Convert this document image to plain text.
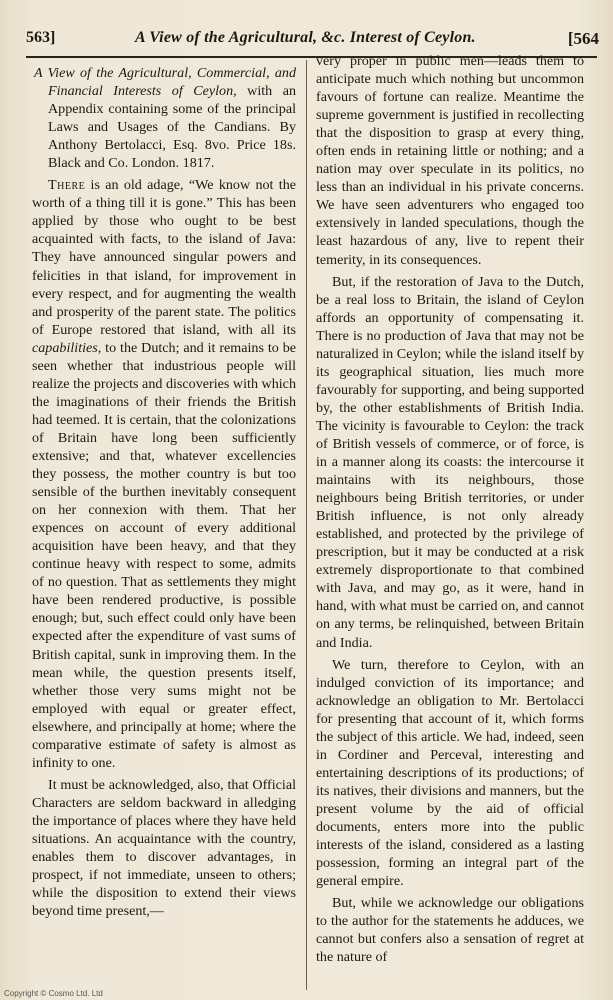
563]	A View of the Agricultural, &c. Interest of Ceylon.	[564

A View of the Agricultural, Commercial, and Financial Interests of Ceylon, with an Appendix containing some of the principal Laws and Usages of the Candians. By Anthony Bertolacci, Esq. 8vo. Price 18s. Black and Co. London. 1817.

There is an old adage, “We know not the worth of a thing till it is gone.” This has been applied by those who ought to be best acquainted with facts, to the island of Java: They have announced singular powers and felicities in that island, for improvement in every respect, and for augmenting the wealth and prosperity of the parent state. The politics of Europe restored that island, with all its capabilities, to the Dutch; and it remains to be seen whether that industrious people will realize the projects and discoveries with which the imaginations of their friends the British had teemed. It is certain, that the colonizations of Britain have long been sufficiently extensive; and that, whatever excellencies they possess, the mother country is but too sensible of the burthen inevitably consequent on her connexion with them. That her expences on account of every additional acquisition have been heavy, and that they continue heavy with respect to some, admits of no question. That as settlements they might have been rendered productive, is possible enough; but, such effect could only have been expected after the expenditure of vast sums of British capital, sunk in improving them. In the mean while, the question presents itself, whether those very sums might not be employed with equal or greater effect, elsewhere, and principally at home; where the comparative estimate of safety is almost as infinity to one.

It must be acknowledged, also, that Official Characters are seldom backward in alledging the importance of places where they have held situations. An acquaintance with the country, enables them to discover advantages, in prospect, if not immediate, unseen to others; while the disposition to extend their views beyond time present,—

very proper in public men—leads them to anticipate much which nothing but uncommon favours of fortune can realize. Meantime the supreme government is justified in recollecting that the disposition to grasp at every thing, often ends in retaining little or nothing; and a nation may over speculate in its politics, no less than an individual in his private concerns. We have seen adventurers who engaged too extensively in landed speculations, though the least hazardous of any, live to repent their temerity, in its consequences.

But, if the restoration of Java to the Dutch, be a real loss to Britain, the island of Ceylon affords an opportunity of compensating it. There is no production of Java that may not be naturalized in Ceylon; while the island itself by its geographical situation, lies much more favourably for supporting, and being supported by, the other establishments of British India. The vicinity is favourable to Ceylon: the track of British vessels of commerce, or of force, is in a manner along its coasts: the intercourse it maintains with its neighbours, those neighbours being British territories, or under British influence, is not only already established, and protected by the privilege of prescription, but it may be conducted at a risk extremely disproportionate to that combined with Java, and may go, as it were, hand in hand, with what must be carried on, and cannot on any terms, be relinquished, between Britain and India.

We turn, therefore to Ceylon, with an indulged conviction of its importance; and acknowledge an obligation to Mr. Bertolacci for presenting that account of it, which forms the subject of this article. We had, indeed, seen in Cordiner and Perceval, interesting and entertaining descriptions of its productions; of its natives, their divisions and manners, but the present volume by the aid of official documents, enters more into the public interests of the island, considered as a lasting possession, forming an integral part of the general empire.

But, while we acknowledge our obligations to the author for the statements he adduces, we cannot but confers also a sensation of regret at the nature of

Copyright © Cosmo Ltd. Ltd
